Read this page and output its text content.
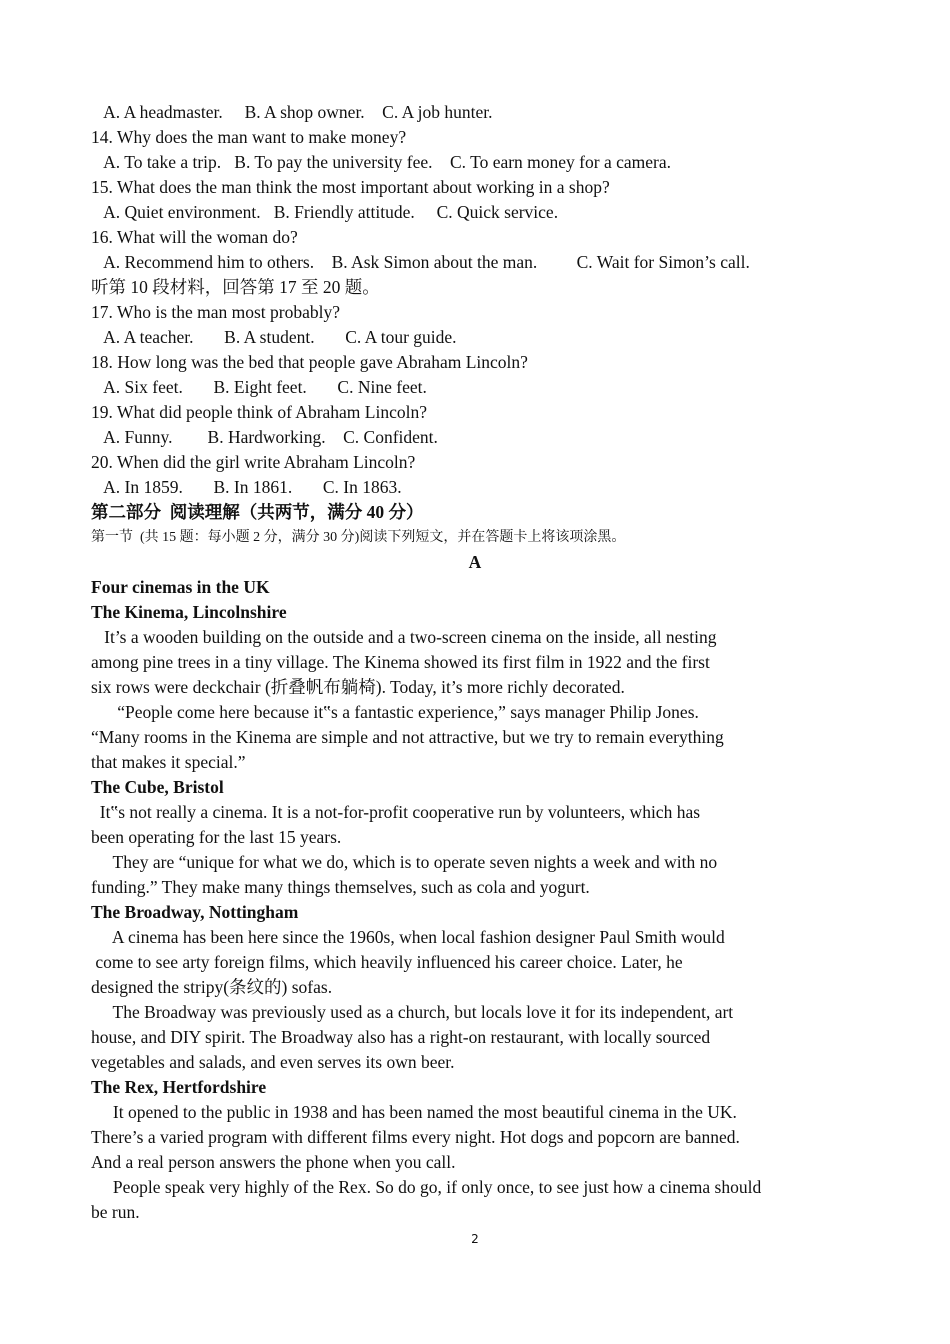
A. A headmaster.     B. A shop owner.    C. A job hunter.
14. Why does the man want to make money?
A. To take a trip.   B. To pay the university fee.    C. To earn money for a camera.
15. What does the man think the most important about working in a shop?
A. Quiet environment.   B. Friendly attitude.     C. Quick service.
16. What will the woman do?
A. Recommend him to others.    B. Ask Simon about the man.         C. Wait for Simon’s call.
听第 10 段材料，回答第 17 至 20 题。
17. Who is the man most probably?
A. A teacher.       B. A student.       C. A tour guide.
18. How long was the bed that people gave Abraham Lincoln?
A. Six feet.       B. Eight feet.       C. Nine feet.
19. What did people think of Abraham Lincoln?
A. Funny.        B. Hardworking.    C. Confident.
20. When did the girl write Abraham Lincoln?
A. In 1859.       B. In 1861.       C. In 1863.
第二部分  阅读理解（共两节，满分 40 分）
第一节  (共 15 题：每小题 2 分，满分 30 分)阅读下列短文，并在答题卡上将该项涂黑。
A
Four cinemas in the UK
The Kinema, Lincolnshire
It’s a wooden building on the outside and a two-screen cinema on the inside, all nesting
among pine trees in a tiny village. The Kinema showed its first film in 1922 and the first
six rows were deckchair (折叠帆布躺椅). Today, it’s more richly decorated.
“People come here because it‟s a fantastic experience,” says manager Philip Jones.
“Many rooms in the Kinema are simple and not attractive, but we try to remain everything
that makes it special.”
The Cube, Bristol
It‟s not really a cinema. It is a not-for-profit cooperative run by volunteers, which has
been operating for the last 15 years.
They are “unique for what we do, which is to operate seven nights a week and with no
funding.” They make many things themselves, such as cola and yogurt.
The Broadway, Nottingham
A cinema has been here since the 1960s, when local fashion designer Paul Smith would
come to see arty foreign films, which heavily influenced his career choice. Later, he
designed the stripy(条纹的) sofas.
The Broadway was previously used as a church, but locals love it for its independent, art
house, and DIY spirit. The Broadway also has a right-on restaurant, with locally sourced
vegetables and salads, and even serves its own beer.
The Rex, Hertfordshire
It opened to the public in 1938 and has been named the most beautiful cinema in the UK.
There’s a varied program with different films every night. Hot dogs and popcorn are banned.
And a real person answers the phone when you call.
People speak very highly of the Rex. So do go, if only once, to see just how a cinema should
be run.
2
